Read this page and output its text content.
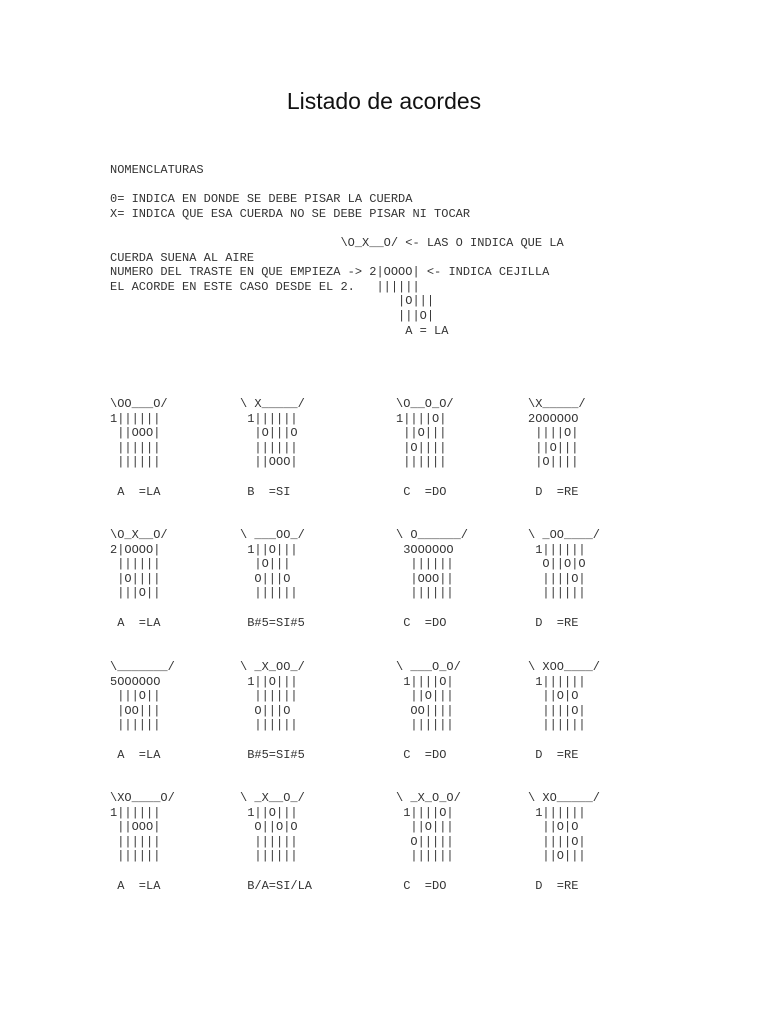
Listado de acordes
NOMENCLATURAS

0= INDICA EN DONDE SE DEBE PISAR LA CUERDA
X= INDICA QUE ESA CUERDA NO SE DEBE PISAR NI TOCAR

\O_X__O/ <- LAS O INDICA QUE LA
CUERDA SUENA AL AIRE
NUMERO DEL TRASTE EN QUE EMPIEZA -> 2|OOOO| <- INDICA CEJILLA
EL ACORDE EN ESTE CASO DESDE EL 2.   ||||||
|O|||
|||O|
A = LA
\OO___O/
1||||||
||OOO|
||||||
||||||

A  =LA
\ X_____/
1||||||
|O|||O
||||||
||OOO|

B  =SI
\O__O_O/
1||||O|
||O|||
|O||||
||||||

C  =DO
\X_____/
2OOOOOO
||||O|
||O|||
|O||||

D  =RE
\O_X__O/
2|OOOO|
||||||
|O||||
|||O||

A  =LA
\ ___OO_/
1||O|||
|O|||
O|||O
||||||

B#5=SI#5
\ O______/
3OOOOOO
||||||
|OOO||
||||||

C  =DO
\ _OO____/
1||||||
O||O|O
||||O|
||||||

D  =RE
\_______/
5OOOOOO
|||O||
|OO|||
||||||

A  =LA
\ _X_OO_/
1||O|||
||||||
O|||O
||||||

B#5=SI#5
\ ___O_O/
1||||O|
||O|||
OO||||
||||||

C  =DO
\ XOO____/
1||||||
||O|O
||||O|
||||||

D  =RE
\XO____O/
1||||||
||OOO|
||||||
||||||

A  =LA
\ _X__O_/
1||O|||
O||O|O
||||||
||||||

B/A=SI/LA
\ _X_O_O/
1||||O|
||O|||
O|||||
||||||

C  =DO
\ XO_____/
1||||||
||O|O
||||O|
||O|||

D  =RE
